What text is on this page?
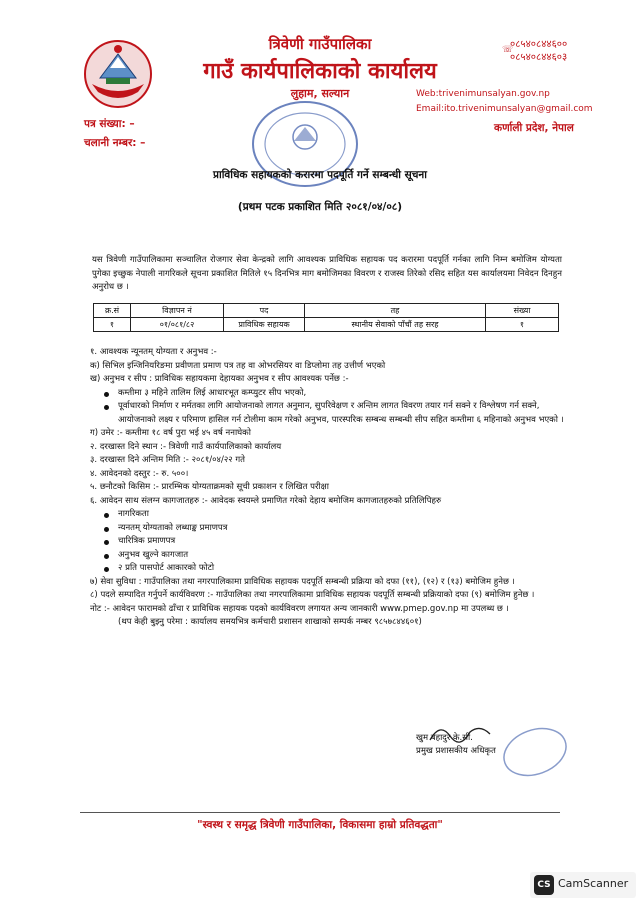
त्रिवेणी गाउँपालिका
गाउँ कार्यपालिकाको कार्यालय
लुहाम, सल्यान
☏
०८५४०८४४६००
०८५४०८४४६०३
Web:trivenimunsalyan.gov.np
Email:ito.trivenimunsalyan@gmail.com
कर्णाली प्रदेश, नेपाल
पत्र संख्या: –
चलानी नम्बर: –
प्राविधिक सहायकको करारमा पदपूर्ति गर्ने सम्बन्धी सूचना
(प्रथम पटक प्रकाशित मिति २०८१/०४/०८)
यस त्रिवेणी गाउँपालिकामा सञ्चालित रोजगार सेवा केन्द्रको लागि आवश्यक प्राविधिक सहायक पद करारमा पदपूर्ति गर्नका लागि निम्न बमोजिम योग्यता पुगेका इच्छुक नेपाली नागरिकले सूचना प्रकाशित मितिले १५ दिनभित्र माग बमोजिमका विवरण र राजस्व तिरेको रसिद सहित यस कार्यालयमा निवेदन दिनहुन अनुरोध छ ।
क्र.सं	विज्ञापन नं	पद	तह	संख्या
१	०१/०८१/८२	प्राविधिक सहायक	स्थानीय सेवाको पाँचौं तह सरह	१
१. आवश्यक न्यूनतम् योग्यता र अनुभव :-
क) सिभिल इन्जिनियरिङमा प्रवीणता प्रमाण पत्र तह वा ओभरसियर वा डिप्लोमा तह उत्तीर्ण भएको
ख) अनुभव र सीप : प्राविधिक सहायकमा देहायका अनुभव र सीप आवश्यक पर्नेछ :-
कम्तीमा ३ महिने तालिम लिई आधारभूत कम्प्युटर सीप भएको,
पूर्वाधारको निर्माण र मर्मतका लागि आयोजनाको लागत अनुमान, सुपरिवेक्षण र अन्तिम लागत विवरण तयार गर्न सक्ने र विश्लेषण गर्न सक्ने, आयोजनाको लक्ष्य र परिमाण हासिल गर्न टोलीमा काम गरेको अनुभव, पारस्परिक सम्बन्ध सम्बन्धी सीप सहित कम्तीमा ६ महिनाको अनुभव भएको ।
ग) उमेर :- कम्तीमा १८ वर्ष पुरा भई ४५ वर्ष ननाघेको
२. दरखास्त दिने स्थान :- त्रिवेणी गाउँ कार्यपालिकाको कार्यालय
३. दरखास्त दिने अन्तिम मिति :- २०८१/०४/२२ गते
४. आवेदनको दस्तुर :- रु. ५००।
५. छनौटको किसिम :- प्रारम्भिक योग्यताक्रमको सूची प्रकाशन र लिखित परीक्षा
६. आवेदन साथ संलग्न कागजातहरु :- आवेदक स्वयम्ले प्रमाणित गरेको देहाय बमोजिम कागजातहरुको प्रतिलिपिहरु
नागरिकता
न्यनतम् योग्यताको लब्धाङ्क प्रमाणपत्र
चारित्रिक प्रमाणपत्र
अनुभव खुल्ने कागजात
२ प्रति पासपोर्ट आकारको फोटो
७) सेवा सुविधा : गाउँपालिका तथा नगरपालिकामा प्राविधिक सहायक पदपूर्ति सम्बन्धी प्रक्रिया को दफा (११), (१२) र (१३) बमोजिम हुनेछ ।
८) पदले सम्पादित गर्नुपर्ने कार्यविवरण :- गाउँपालिका तथा नगरपालिकामा प्राविधिक सहायक पदपूर्ति सम्बन्धी प्रक्रियाको दफा (९) बमोजिम हुनेछ ।
नोट :- आवेदन फारामको ढाँचा र प्राविधिक सहायक पदको कार्यविवरण लगायत अन्य जानकारी www.pmep.gov.np मा उपलब्ध छ ।
(थप केही बुझ्नु परेमा : कार्यालय समयभित्र कर्मचारी प्रशासन शाखाको सम्पर्क नम्बर ९८५७८४४६०१)
खुम बहादुर के.सी.
प्रमुख प्रशासकीय अधिकृत
"स्वस्थ र समृद्ध त्रिवेणी गाउँपालिका, विकासमा हाम्रो प्रतिवद्धता"
CS CamScanner
